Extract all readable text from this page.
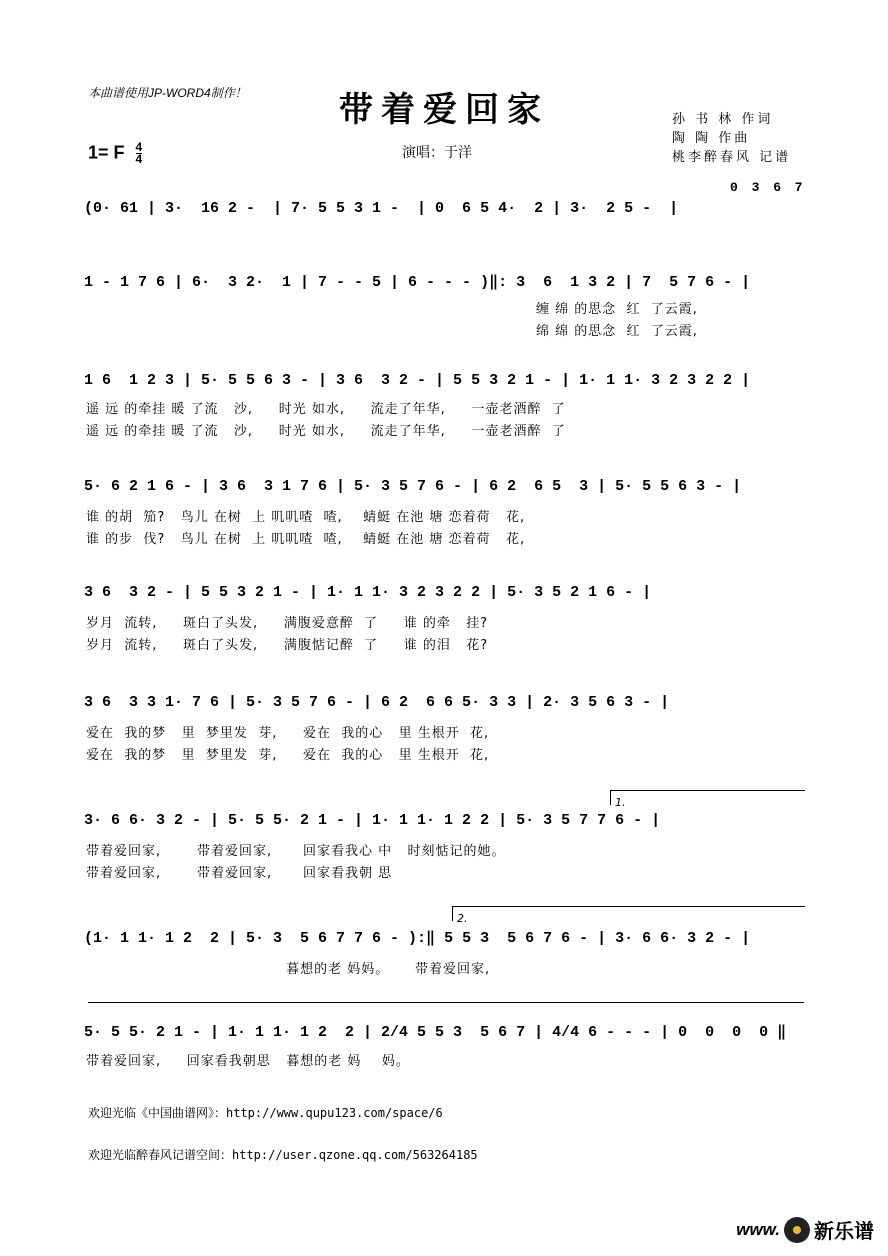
本曲谱使用JP-WORD4制作！	带着爱回家	孙 书 林 作词
陶 陶 作曲
桃李醉春风 记谱
1= F $\frac{4}{4}$	演唱：于洋
0 3 6 7
(0· 61 | 3·  16 2 -  | 7· 5 5 3 1 -  | 0  6 5 4·  2 | 3·  2 5 -  |
1 - 1 7 6 | 6·  3 2·  1 | 7 - - 5 | 6 - - - )‖: 3  6  1 3 2 | 7  5 7 6 - |
缠 绵 的思念  红  了云霞,
绵 绵 的思念  红  了云霞,
1 6  1 2 3 | 5· 5 5 6 3 - | 3 6  3 2 - | 5 5 3 2 1 - | 1· 1 1· 3 2 3 2 2 |
遥 远 的牵挂 暖 了流   沙,     时光 如水,     流走了年华,     一壶老酒醉  了
遥 远 的牵挂 暖 了流   沙,     时光 如水,     流走了年华,     一壶老酒醉  了
5· 6 2 1 6 - | 3 6  3 1 7 6 | 5· 3 5 7 6 - | 6 2  6 5  3 | 5· 5 5 6 3 - |
谁 的胡  笳?   鸟儿 在树  上 叽叽喳  喳,    蜻蜓 在池 塘 恋着荷   花,
谁 的步  伐?   鸟儿 在树  上 叽叽喳  喳,    蜻蜓 在池 塘 恋着荷   花,
3 6  3 2 - | 5 5 3 2 1 - | 1· 1 1· 3 2 3 2 2 | 5· 3 5 2 1 6 - |
岁月  流转,     斑白了头发,     满腹爱意醉  了     谁 的牵   挂?
岁月  流转,     斑白了头发,     满腹惦记醉  了     谁 的泪   花?
3 6  3 3 1· 7 6 | 5· 3 5 7 6 - | 6 2  6 6 5· 3 3 | 2· 3 5 6 3 - |
爱在  我的梦   里  梦里发  芽,     爱在  我的心   里 生根开  花,
爱在  我的梦   里  梦里发  芽,     爱在  我的心   里 生根开  花,
1.
3· 6 6· 3 2 - | 5· 5 5· 2 1 - | 1· 1 1· 1 2 2 | 5· 3 5 7 7 6 - |
带着爱回家,       带着爱回家,      回家看我心 中   时刻惦记的她。
带着爱回家,       带着爱回家,      回家看我朝 思
2.
(1· 1 1· 1 2  2 | 5· 3  5 6 7 7 6 - ):‖ 5 5 3  5 6 7 6 - | 3· 6 6· 3 2 - |
暮想的老 妈妈。     带着爱回家,
5· 5 5· 2 1 - | 1· 1 1· 1 2  2 | 2/4 5 5 3  5 6 7 | 4/4 6 - - - | 0  0  0  0 ‖
带着爱回家,     回家看我朝思   暮想的老 妈    妈。
欢迎光临《中国曲谱网》：http://www.qupu123.com/space/6
欢迎光临醉春风记谱空间：http://user.qzone.qq.com/563264185
www. 新乐谱
